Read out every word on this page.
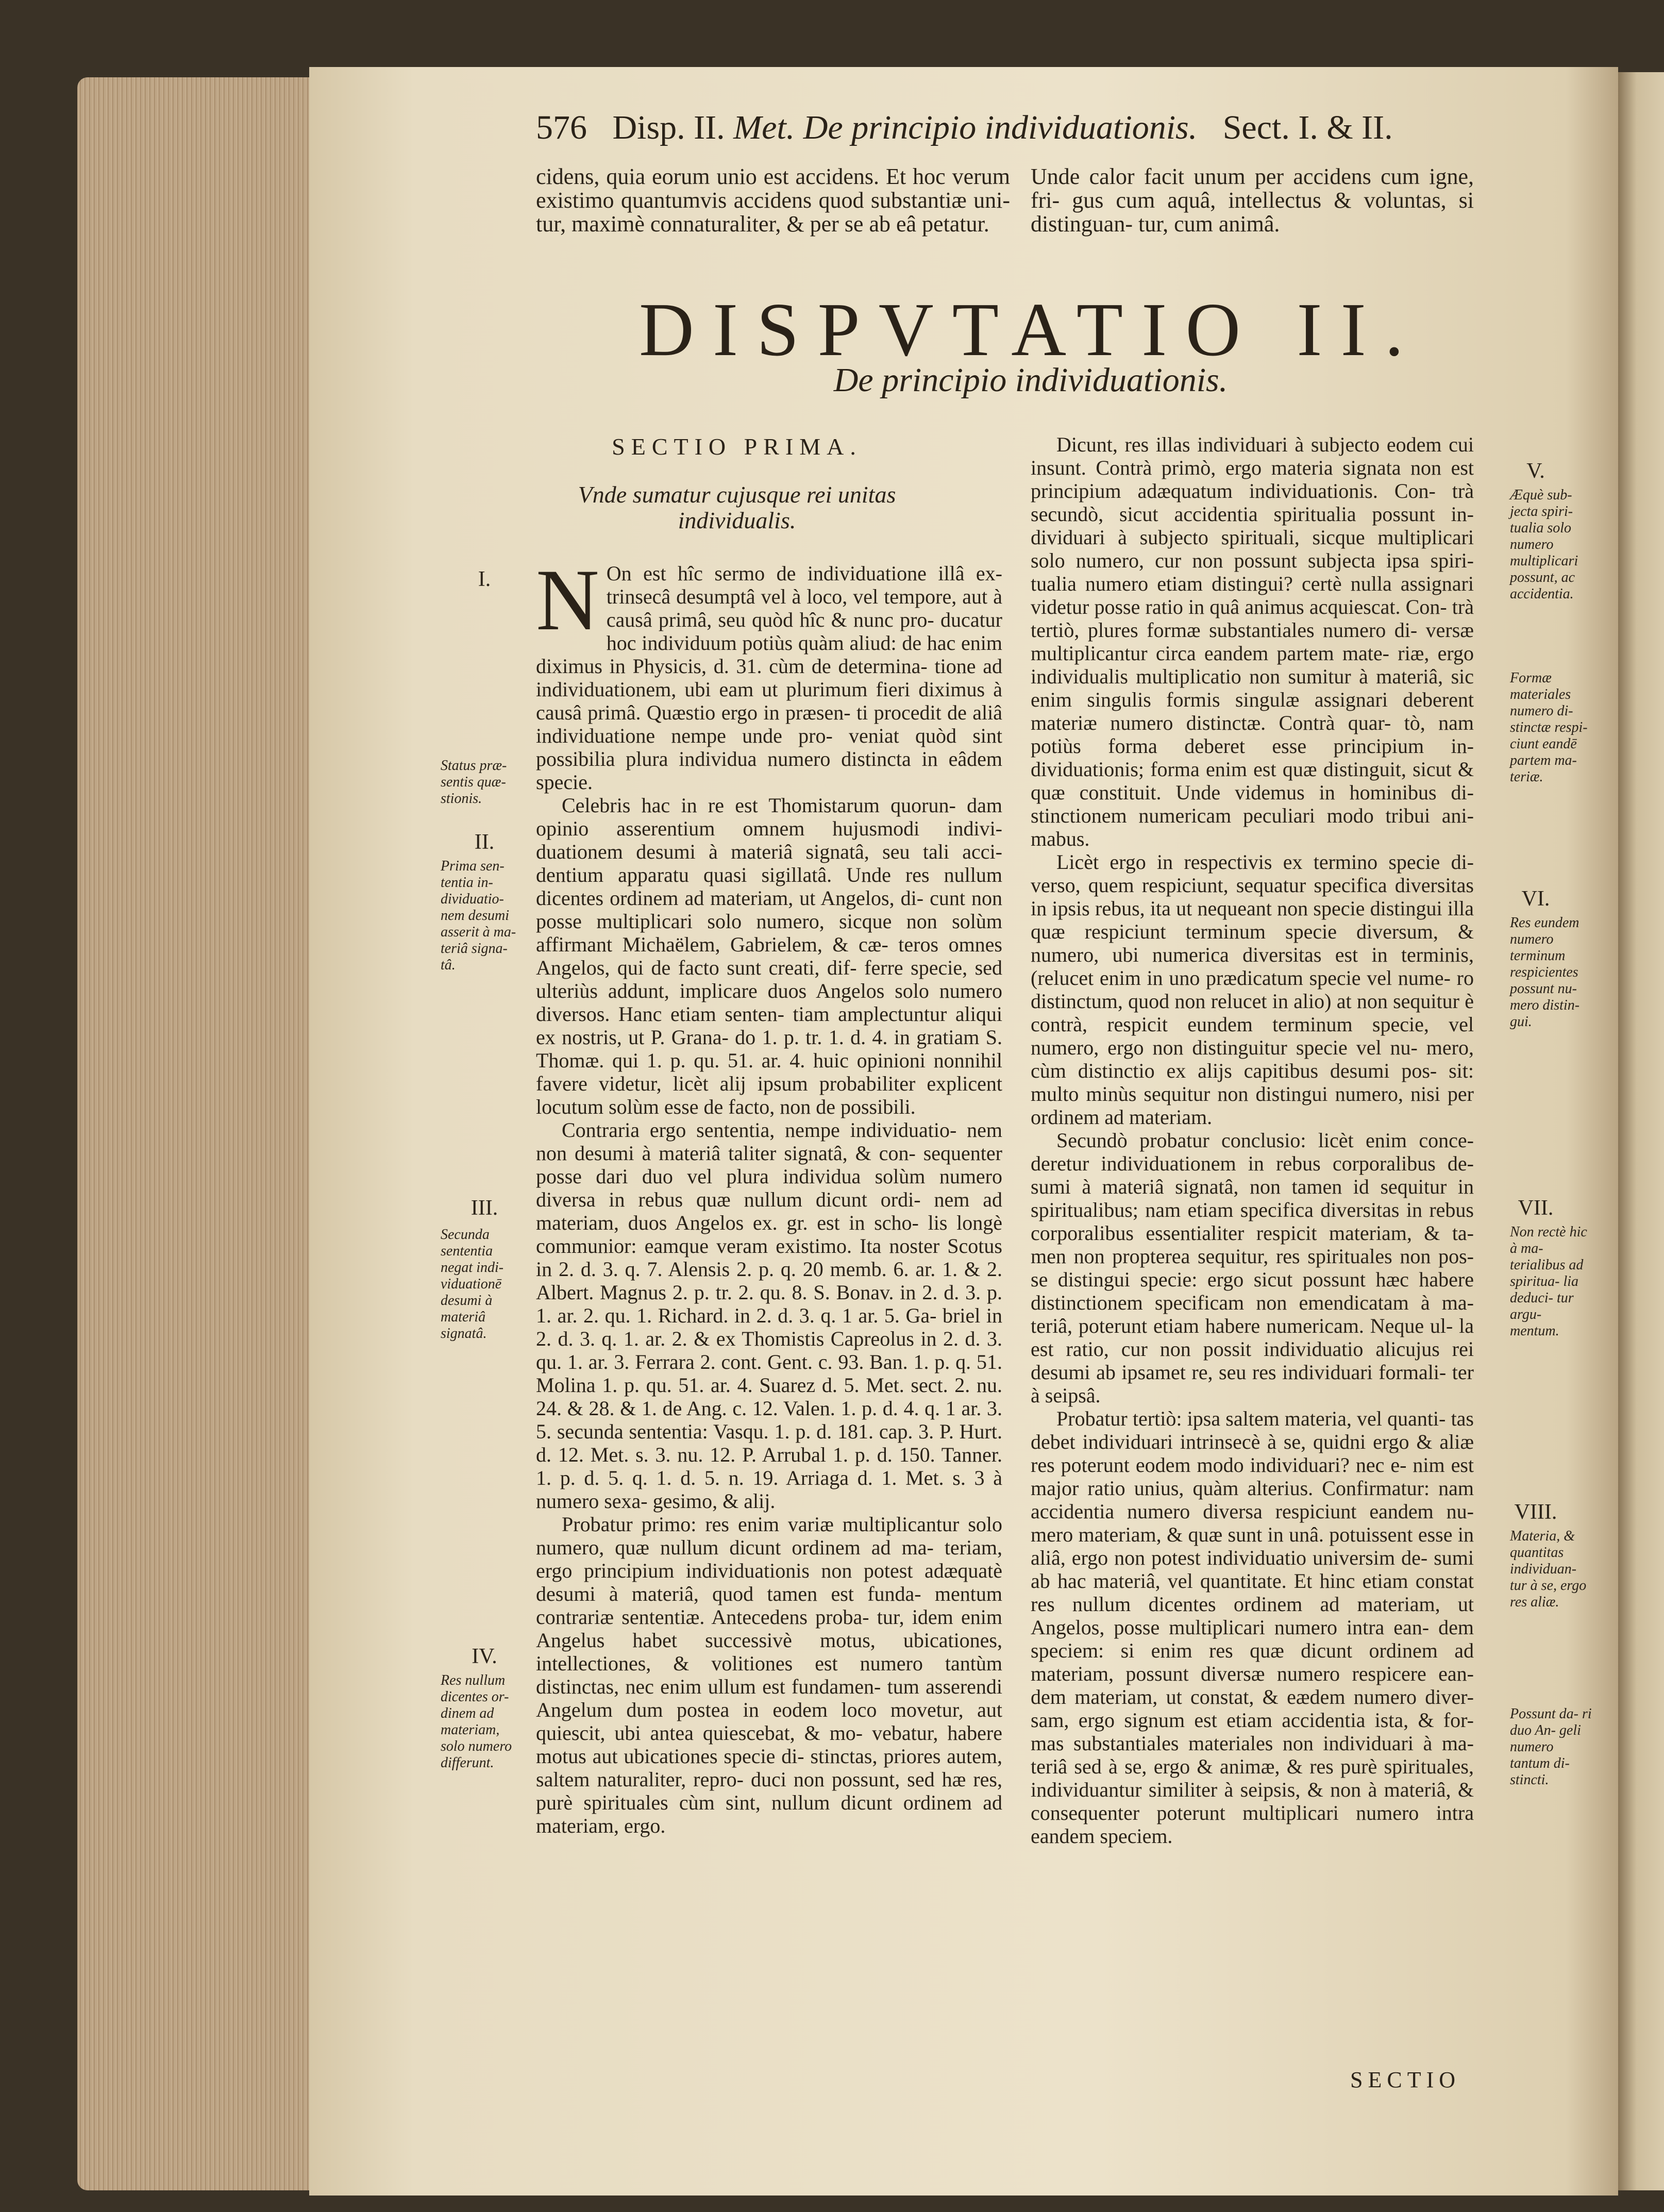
576 Disp. II. Met. De principio individuationis. Sect. I. & II.
cidens, quia eorum unio est accidens. Et hoc verum existimo quantumvis accidens quod substantiæ uni- tur, maximè connaturaliter, & per se ab eâ petatur.
Unde calor facit unum per accidens cum igne, fri- gus cum aquâ, intellectus & voluntas, si distinguan- tur, cum animâ.
DISPVTATIO II.
De principio individuationis.
SECTIO PRIMA.
Vnde sumatur cujusque rei unitas individualis.

N On est hîc sermo de individuatione illâ ex- trinsecâ desumptâ vel à loco, vel tempore, aut à causâ primâ, seu quòd hîc & nunc pro- ducatur hoc individuum potiùs quàm aliud: de hac enim diximus in Physicis, d. 31. cùm de determina- tione ad individuationem, ubi eam ut plurimum fieri diximus à causâ primâ. Quæstio ergo in præsen- ti procedit de aliâ individuatione nempe unde pro- veniat quòd sint possibilia plura individua numero distincta in eâdem specie.

Celebris hac in re est Thomistarum quorun- dam opinio asserentium omnem hujusmodi indivi- duationem desumi à materiâ signatâ, seu tali acci- dentium apparatu quasi sigillatâ. Unde res nullum dicentes ordinem ad materiam, ut Angelos, di- cunt non posse multiplicari solo numero, sicque non solùm affirmant Michaëlem, Gabrielem, & cæ- teros omnes Angelos, qui de facto sunt creati, dif- ferre specie, sed ulteriùs addunt, implicare duos Angelos solo numero diversos. Hanc etiam senten- tiam amplectuntur aliqui ex nostris, ut P. Grana- do 1. p. tr. 1. d. 4. in gratiam S. Thomæ. qui 1. p. qu. 51. ar. 4. huic opinioni nonnihil favere videtur, licèt alij ipsum probabiliter explicent locutum solùm esse de facto, non de possibili.

Contraria ergo sententia, nempe individuatio- nem non desumi à materiâ taliter signatâ, & con- sequenter posse dari duo vel plura individua solùm numero diversa in rebus quæ nullum dicunt ordi- nem ad materiam, duos Angelos ex. gr. est in scho- lis longè communior: eamque veram existimo. Ita noster Scotus in 2. d. 3. q. 7. Alensis 2. p. q. 20 memb. 6. ar. 1. & 2. Albert. Magnus 2. p. tr. 2. qu. 8. S. Bonav. in 2. d. 3. p. 1. ar. 2. qu. 1. Richard. in 2. d. 3. q. 1 ar. 5. Ga- briel in 2. d. 3. q. 1. ar. 2. & ex Thomistis Capreolus in 2. d. 3. qu. 1. ar. 3. Ferrara 2. cont. Gent. c. 93. Ban. 1. p. q. 51. Molina 1. p. qu. 51. ar. 4. Suarez d. 5. Met. sect. 2. nu. 24. & 28. & 1. de Ang. c. 12. Valen. 1. p. d. 4. q. 1 ar. 3. 5. secunda sententia: Vasqu. 1. p. d. 181. cap. 3. P. Hurt. d. 12. Met. s. 3. nu. 12. P. Arrubal 1. p. d. 150. Tanner. 1. p. d. 5. q. 1. d. 5. n. 19. Arriaga d. 1. Met. s. 3 à numero sexa- gesimo, & alij.

Probatur primo: res enim variæ multiplicantur solo numero, quæ nullum dicunt ordinem ad ma- teriam, ergo principium individuationis non potest adæquatè desumi à materiâ, quod tamen est funda- mentum contrariæ sententiæ. Antecedens proba- tur, idem enim Angelus habet successivè motus, ubicationes, intellectiones, & volitiones est numero tantùm distinctas, nec enim ullum est fundamen- tum asserendi Angelum dum postea in eodem loco movetur, aut quiescit, ubi antea quiescebat, & mo- vebatur, habere motus aut ubicationes specie di- stinctas, priores autem, saltem naturaliter, repro- duci non possunt, sed hæ res, purè spirituales cùm sint, nullum dicunt ordinem ad materiam, ergo.

Dicunt, res illas individuari à subjecto eodem cui insunt. Contrà primò, ergo materia signata non est principium adæquatum individuationis. Con- trà secundò, sicut accidentia spiritualia possunt in- dividuari à subjecto spirituali, sicque multiplicari solo numero, cur non possunt subjecta ipsa spiri- tualia numero etiam distingui? certè nulla assignari videtur posse ratio in quâ animus acquiescat. Con- trà tertiò, plures formæ substantiales numero di- versæ multiplicantur circa eandem partem mate- riæ, ergo individualis multiplicatio non sumitur à materiâ, sic enim singulis formis singulæ assignari deberent materiæ numero distinctæ. Contrà quar- tò, nam potiùs forma deberet esse principium in- dividuationis; forma enim est quæ distinguit, sicut & quæ constituit. Unde videmus in hominibus di- stinctionem numericam peculiari modo tribui ani- mabus.

Licèt ergo in respectivis ex termino specie di- verso, quem respiciunt, sequatur specifica diversitas in ipsis rebus, ita ut nequeant non specie distingui illa quæ respiciunt terminum specie diversum, & numero, ubi numerica diversitas est in terminis, (relucet enim in uno prædicatum specie vel nume- ro distinctum, quod non relucet in alio) at non sequitur è contrà, respicit eundem terminum specie, vel numero, ergo non distinguitur specie vel nu- mero, cùm distinctio ex alijs capitibus desumi pos- sit: multo minùs sequitur non distingui numero, nisi per ordinem ad materiam.

Secundò probatur conclusio: licèt enim conce- deretur individuationem in rebus corporalibus de- sumi à materiâ signatâ, non tamen id sequitur in spiritualibus; nam etiam specifica diversitas in rebus corporalibus essentialiter respicit materiam, & ta- men non propterea sequitur, res spirituales non pos- se distingui specie: ergo sicut possunt hæc habere distinctionem specificam non emendicatam à ma- teriâ, poterunt etiam habere numericam. Neque ul- la est ratio, cur non possit individuatio alicujus rei desumi ab ipsamet re, seu res individuari formali- ter à seipsâ.

Probatur tertiò: ipsa saltem materia, vel quanti- tas debet individuari intrinsecè à se, quidni ergo & aliæ res poterunt eodem modo individuari? nec e- nim est major ratio unius, quàm alterius. Confirmatur: nam accidentia numero diversa respiciunt eandem nu- mero materiam, & quæ sunt in unâ. potuissent esse in aliâ, ergo non potest individuatio universim de- sumi ab hac materiâ, vel quantitate. Et hinc etiam constat res nullum dicentes ordinem ad materiam, ut Angelos, posse multiplicari numero intra ean- dem speciem: si enim res quæ dicunt ordinem ad materiam, possunt diversæ numero respicere ean- dem materiam, ut constat, & eædem numero diver- sam, ergo signum est etiam accidentia ista, & for- mas substantiales materiales non individuari à ma- teriâ sed à se, ergo & animæ, & res purè spirituales, individuantur similiter à seipsis, & non à materiâ, & consequenter poterunt multiplicari numero intra eandem speciem.

I.
Status præ- sentis quæ- stionis.
II.
Prima sen- tentia in- dividuatio- nem desumi asserit à ma- teriâ signa- tâ.
III.
Secunda sententia negat indi- viduationē desumi à materiâ signatâ.
IV.
Res nullum dicentes or- dinem ad materiam, solo numero differunt.
V.
Æquè sub- jecta spiri- tualia solo numero multiplicari possunt, ac accidentia.
Formæ materiales numero di- stinctæ respi- ciunt eandē partem ma- teriæ.
VI.
Res eundem numero terminum respicientes possunt nu- mero distin- gui.
VII.
Non rectè hic à ma- terialibus ad spiritua- lia deduci- tur argu- mentum.
VIII.
Materia, & quantitas individuan- tur à se, ergo res aliæ.
Possunt da- ri duo An- geli numero tantum di- stincti.
SECTIO
